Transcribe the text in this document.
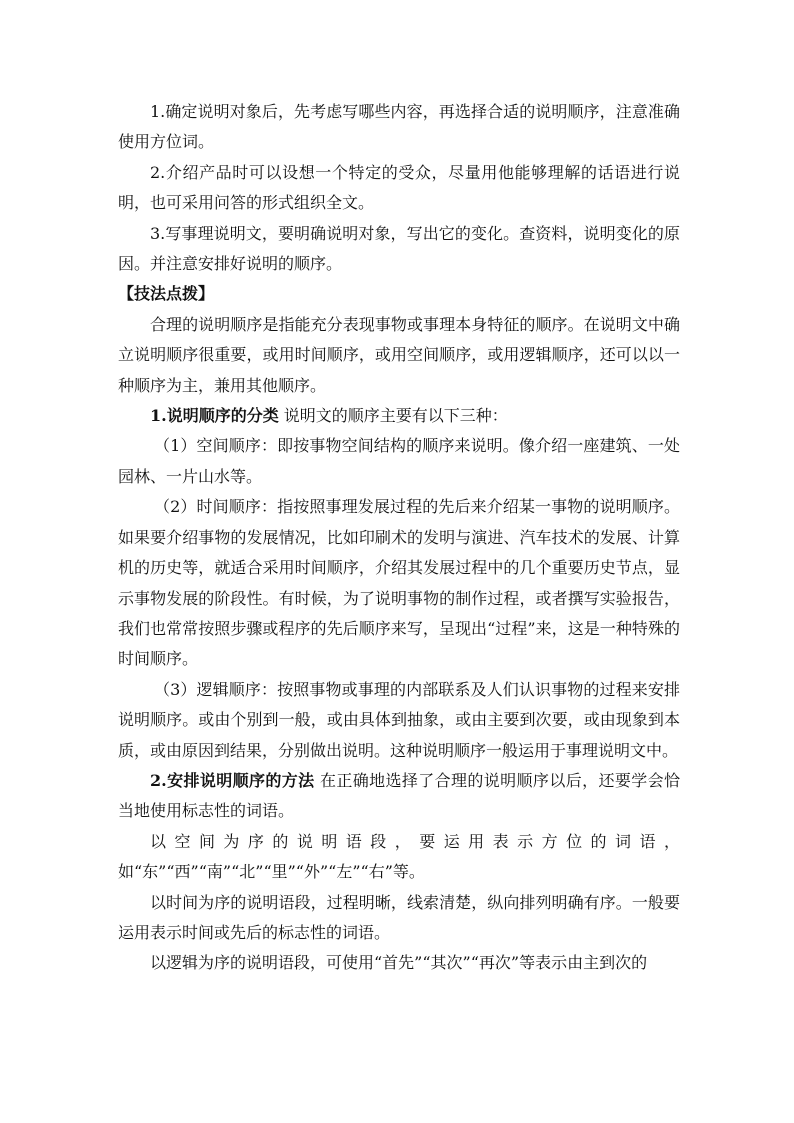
1.确定说明对象后，先考虑写哪些内容，再选择合适的说明顺序，注意准确使用方位词。

2.介绍产品时可以设想一个特定的受众，尽量用他能够理解的话语进行说明，也可采用问答的形式组织全文。

3.写事理说明文，要明确说明对象，写出它的变化。查资料，说明变化的原因。并注意安排好说明的顺序。

【技法点拨】

合理的说明顺序是指能充分表现事物或事理本身特征的顺序。在说明文中确立说明顺序很重要，或用时间顺序，或用空间顺序，或用逻辑顺序，还可以以一种顺序为主，兼用其他顺序。

1.说明顺序的分类 说明文的顺序主要有以下三种：

（1）空间顺序：即按事物空间结构的顺序来说明。像介绍一座建筑、一处园林、一片山水等。

（2）时间顺序：指按照事理发展过程的先后来介绍某一事物的说明顺序。如果要介绍事物的发展情况，比如印刷术的发明与演进、汽车技术的发展、计算机的历史等，就适合采用时间顺序，介绍其发展过程中的几个重要历史节点，显示事物发展的阶段性。有时候，为了说明事物的制作过程，或者撰写实验报告，我们也常常按照步骤或程序的先后顺序来写，呈现出“过程”来，这是一种特殊的时间顺序。

（3）逻辑顺序：按照事物或事理的内部联系及人们认识事物的过程来安排说明顺序。或由个别到一般，或由具体到抽象，或由主要到次要，或由现象到本质，或由原因到结果，分别做出说明。这种说明顺序一般运用于事理说明文中。

2.安排说明顺序的方法 在正确地选择了合理的说明顺序以后，还要学会恰当地使用标志性的词语。

以空间为序的说明语段，要运用表示方位的词语，如“东”“西”“南”“北”“里”“外”“左”“右”等。

以时间为序的说明语段，过程明晰，线索清楚，纵向排列明确有序。一般要运用表示时间或先后的标志性的词语。

以逻辑为序的说明语段，可使用“首先”“其次”“再次”等表示由主到次的
